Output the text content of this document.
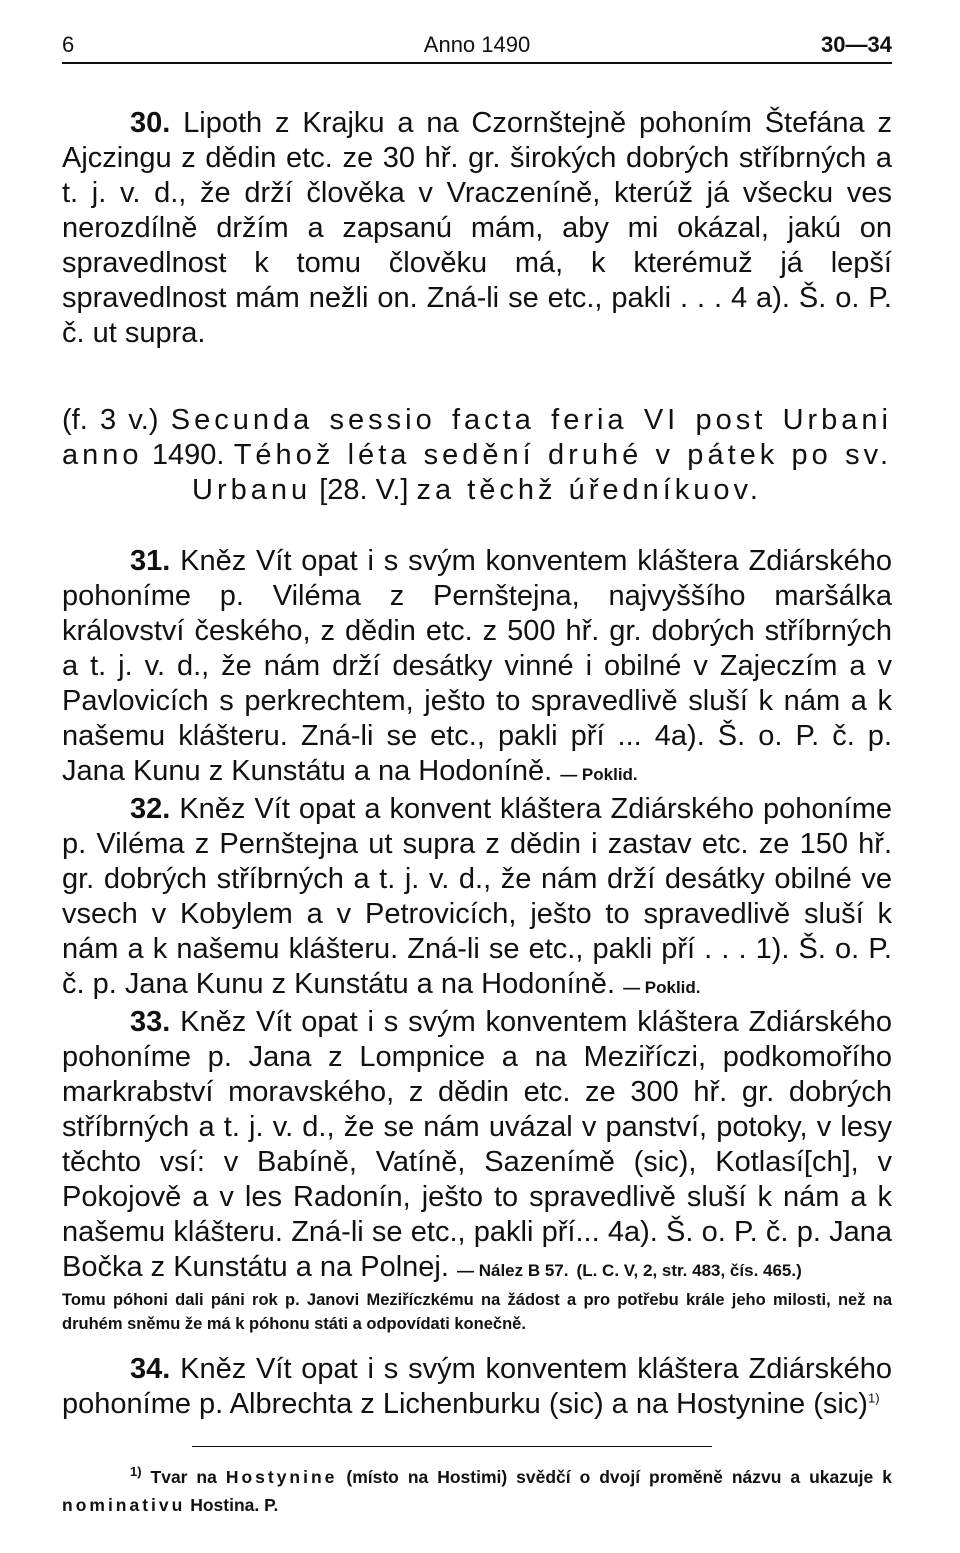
6	Anno 1490	30—34

30. Lipoth z Krajku a na Czornštejně pohoním Štefána z Ajczingu z dědin etc. ze 30 hř. gr. širokých dobrých stříbrných a t. j. v. d., že drží člověka v Vraczeníně, kterúž já všecku ves nerozdílně držím a zapsanú mám, aby mi okázal, jakú on spravedlnost k tomu člověku má, k kterémuž já lepší spravedlnost mám nežli on. Zná-li se etc., pakli . . . 4 a). Š. o. P. č. ut supra.

(f. 3 v.) Secunda sessio facta feria VI post Urbani anno 1490. Téhož léta sedění druhé v pátek po sv. Urbanu [28. V.] za těchž úředníkuov.

31. Kněz Vít opat i s svým konventem kláštera Zdiárského pohoníme p. Viléma z Pernštejna, najvyššího maršálka království českého, z dědin etc. z 500 hř. gr. dobrých stříbrných a t. j. v. d., že nám drží desátky vinné i obilné v Zajeczím a v Pavlovicích s perkrechtem, ješto to spravedlivě sluší k nám a k našemu klášteru. Zná-li se etc., pakli pří ... 4a). Š. o. P. č. p. Jana Kunu z Kunstátu a na Hodoníně. — Poklid.

32. Kněz Vít opat a konvent kláštera Zdiárského pohoníme p. Viléma z Pernštejna ut supra z dědin i zastav etc. ze 150 hř. gr. dobrých stříbrných a t. j. v. d., že nám drží desátky obilné ve vsech v Kobylem a v Petrovicích, ješto to spravedlivě sluší k nám a k našemu klášteru. Zná-li se etc., pakli pří . . . 1). Š. o. P. č. p. Jana Kunu z Kunstátu a na Hodoníně. — Poklid.

33. Kněz Vít opat i s svým konventem kláštera Zdiárského pohoníme p. Jana z Lompnice a na Meziříczi, podkomořího markrabství moravského, z dědin etc. ze 300 hř. gr. dobrých stříbrných a t. j. v. d., že se nám uvázal v panství, potoky, v lesy těchto vsí: v Babíně, Vatíně, Sazenímě (sic), Kotlasí[ch], v Pokojově a v les Radonín, ješto to spravedlivě sluší k nám a k našemu klášteru. Zná-li se etc., pakli pří... 4a). Š. o. P. č. p. Jana Bočka z Kunstátu a na Polnej. — Nález B 57. (L. C. V, 2, str. 483, čís. 465.)

Tomu póhoni dali páni rok p. Janovi Meziříczkému na žádost a pro potřebu krále jeho milosti, než na druhém sněmu že má k póhonu státi a odpovídati konečně.

34. Kněz Vít opat i s svým konventem kláštera Zdiárského pohoníme p. Albrechta z Lichenburku (sic) a na Hostynine (sic)$^{1)}$

$^{1)}$ Tvar na Hostynine (místo na Hostimi) svědčí o dvojí proměně názvu a ukazuje k nominativu Hostina. P.
